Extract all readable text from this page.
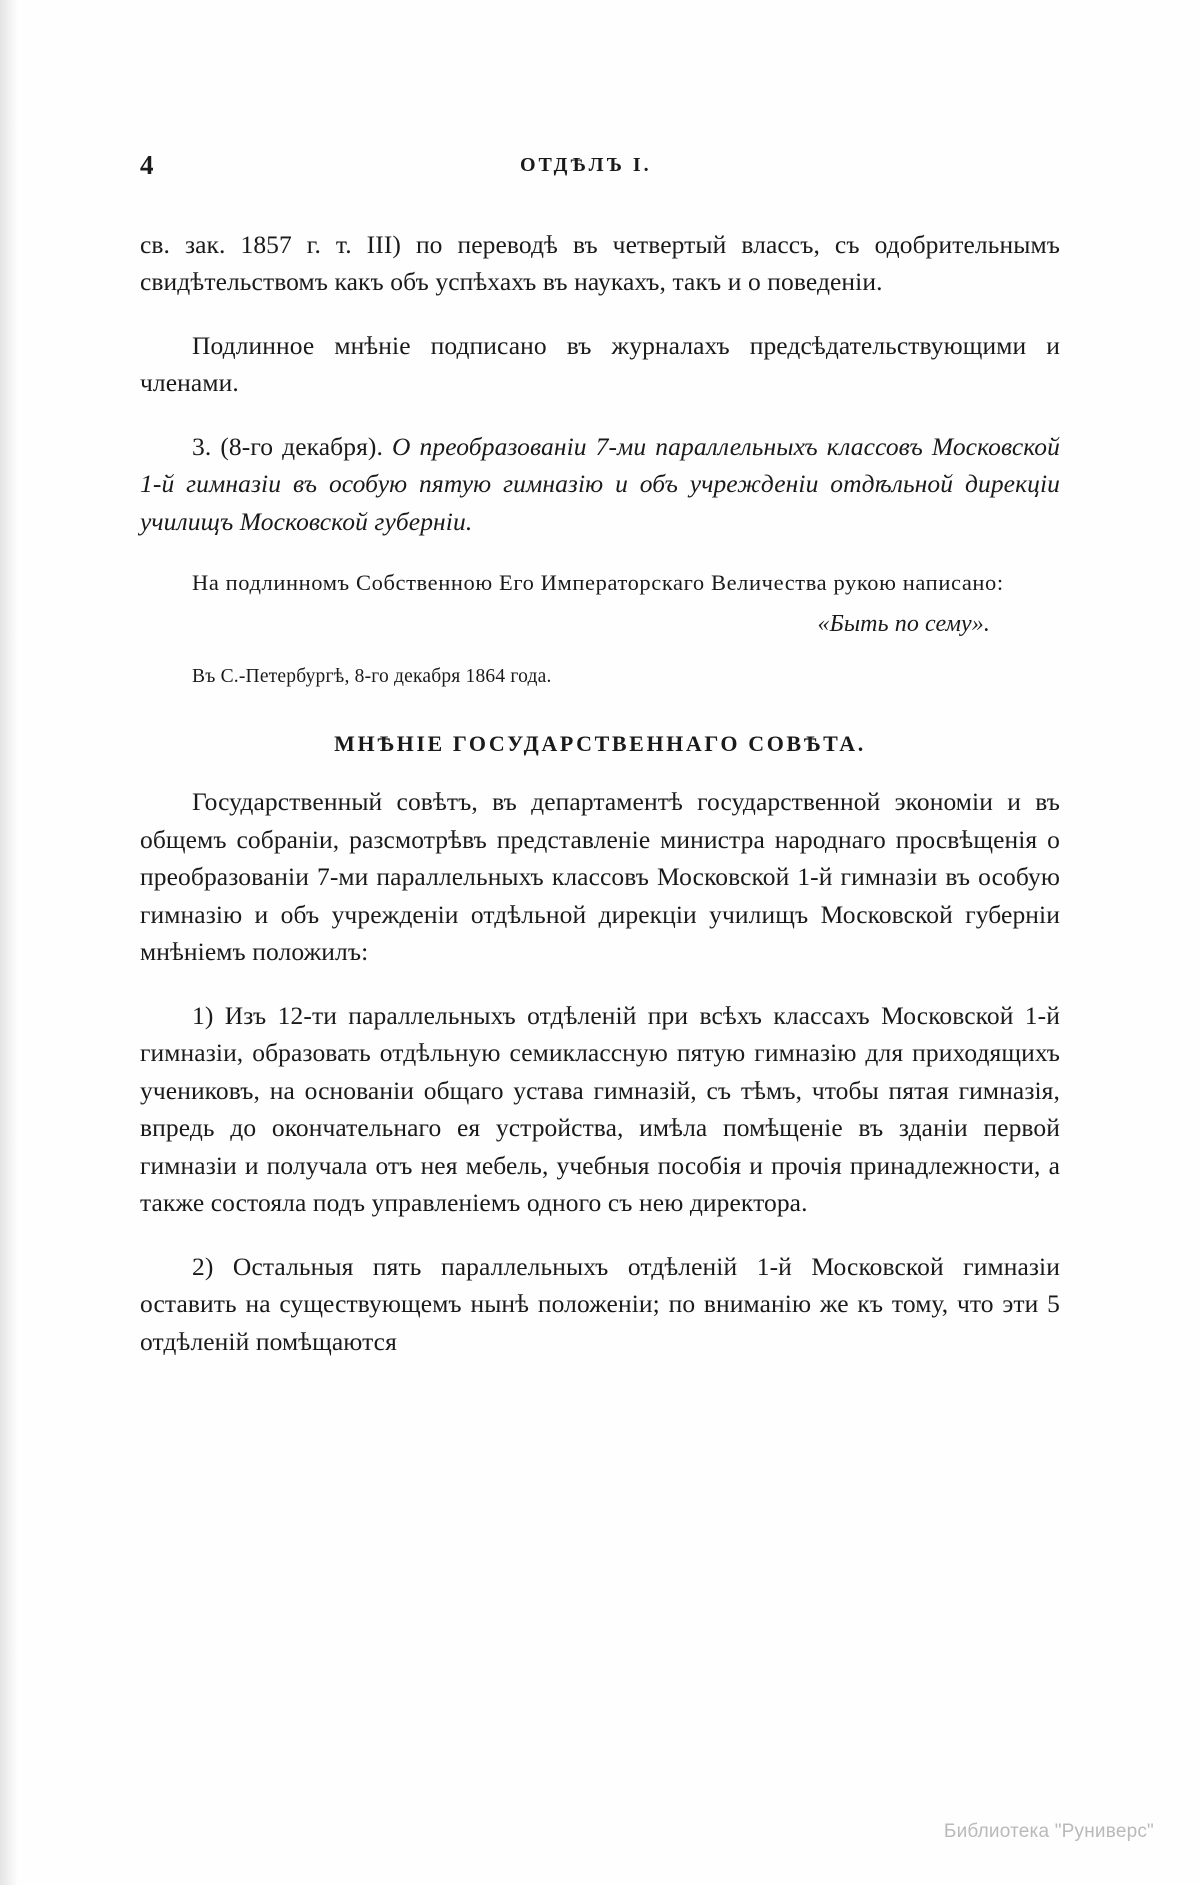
4	ОТДѢЛЪ I.

св. зак. 1857 г. т. III) по переводѣ въ четвертый влассъ, съ одобрительнымъ свидѣтельствомъ какъ объ успѣхахъ въ наукахъ, такъ и о поведеніи.

Подлинное мнѣніе подписано въ журналахъ предсѣдательствующими и членами.

3. (8-го декабря). О преобразованіи 7-ми параллельныхъ классовъ Московской 1-й гимназіи въ особую пятую гимназію и объ учрежденіи отдѣльной дирекціи училищъ Московской губерніи.

На подлинномъ Собственною Его Императорскаго Величества рукою написано:

«Быть по сему».

Въ С.-Петербургѣ, 8-го декабря 1864 года.

МНѢНІЕ ГОСУДАРСТВЕННАГО СОВѢТА.

Государственный совѣтъ, въ департаментѣ государственной экономіи и въ общемъ собраніи, разсмотрѣвъ представленіе министра народнаго просвѣщенія о преобразованіи 7-ми параллельныхъ классовъ Московской 1-й гимназіи въ особую гимназію и объ учрежденіи отдѣльной дирекціи училищъ Московской губерніи мнѣніемъ положилъ:

1) Изъ 12-ти параллельныхъ отдѣленій при всѣхъ классахъ Московской 1-й гимназіи, образовать отдѣльную семиклассную пятую гимназію для приходящихъ учениковъ, на основаніи общаго устава гимназій, съ тѣмъ, чтобы пятая гимназія, впредь до окончательнаго ея устройства, имѣла помѣщеніе въ зданіи первой гимназіи и получала отъ нея мебель, учебныя пособія и прочія принадлежности, а также состояла подъ управленіемъ одного съ нею директора.

2) Остальныя пять параллельныхъ отдѣленій 1-й Московской гимназіи оставить на существующемъ нынѣ положеніи; по вниманію же къ тому, что эти 5 отдѣленій помѣщаются

Библиотека "Руниверс"
